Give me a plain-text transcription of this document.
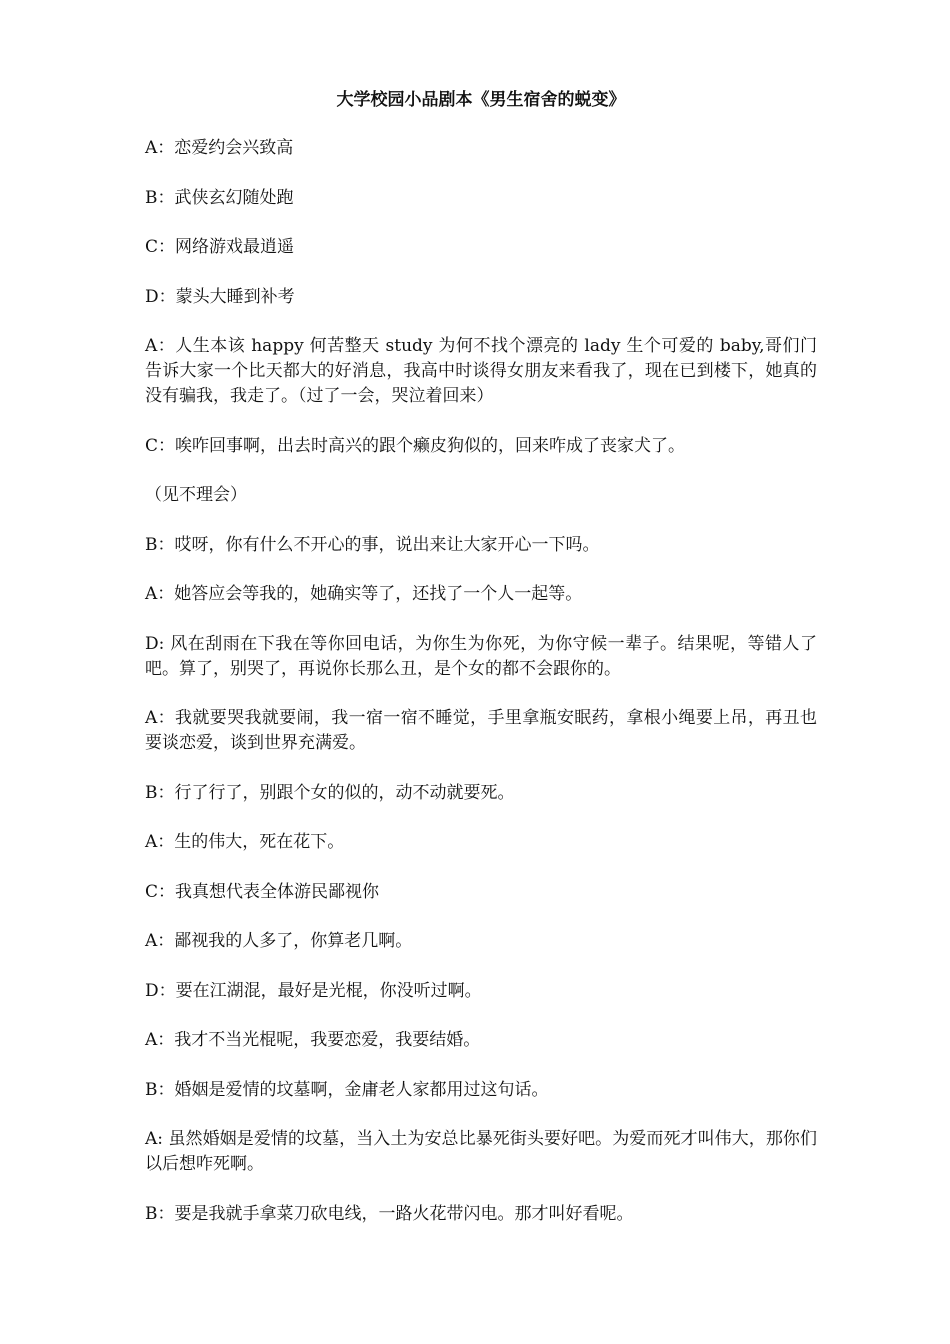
大学校园小品剧本《男生宿舍的蜕变》
A：恋爱约会兴致高
B：武侠玄幻随处跑
C：网络游戏最逍遥
D：蒙头大睡到补考
A：人生本该 happy 何苦整天 study 为何不找个漂亮的 lady 生个可爱的 baby,哥们门告诉大家一个比天都大的好消息，我高中时谈得女朋友来看我了，现在已到楼下，她真的没有骗我，我走了。（过了一会，哭泣着回来）
C：唉咋回事啊，出去时高兴的跟个癞皮狗似的，回来咋成了丧家犬了。
（见不理会）
B：哎呀，你有什么不开心的事，说出来让大家开心一下吗。
A：她答应会等我的，她确实等了，还找了一个人一起等。
D: 风在刮雨在下我在等你回电话，为你生为你死，为你守候一辈子。结果呢，等错人了吧。算了，别哭了，再说你长那么丑，是个女的都不会跟你的。
A：我就要哭我就要闹，我一宿一宿不睡觉，手里拿瓶安眠药，拿根小绳要上吊，再丑也要谈恋爱，谈到世界充满爱。
B：行了行了，别跟个女的似的，动不动就要死。
A：生的伟大，死在花下。
C：我真想代表全体游民鄙视你
A：鄙视我的人多了，你算老几啊。
D：要在江湖混，最好是光棍，你没听过啊。
A：我才不当光棍呢，我要恋爱，我要结婚。
B：婚姻是爱情的坟墓啊，金庸老人家都用过这句话。
A: 虽然婚姻是爱情的坟墓，当入土为安总比暴死街头要好吧。为爱而死才叫伟大，那你们以后想咋死啊。
B：要是我就手拿菜刀砍电线，一路火花带闪电。那才叫好看呢。
